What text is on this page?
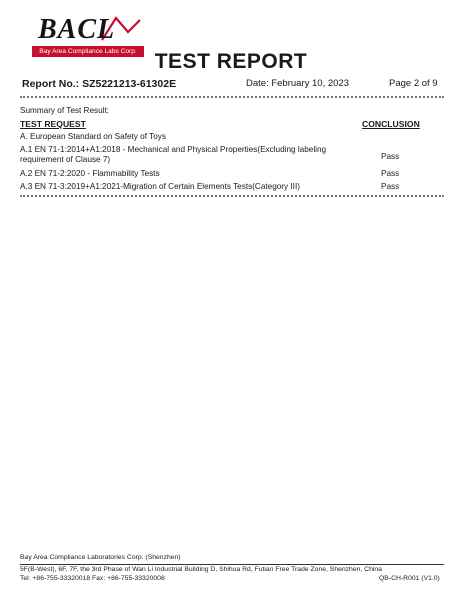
BACL
Bay Area Compliance Labs Corp. TEST REPORT
Report No.: SZ5221213-61302E	Date: February 10, 2023	Page 2 of 9
Summary of Test Result:
TEST REQUEST	CONCLUSION
A. European Standard on Safety of Toys
A.1 EN 71-1:2014+A1:2018 - Mechanical and Physical Properties(Excluding labeling requirement of Clause 7)	Pass
A.2 EN 71-2:2020 - Flammability Tests	Pass
A.3 EN 71-3:2019+A1:2021-Migration of Certain Elements Tests(Category III)	Pass
Bay Area Compliance Laboratories Corp. (Shenzhen)
5F(B-West), 6F, 7F, the 3rd Phase of Wan Li Industrial Building D, Shihua Rd, Futian Free Trade Zone, Shenzhen, China
Tel: +86-755-33320018 Fax: +86-755-33320008	QB-CH-R001 (V1.0)
